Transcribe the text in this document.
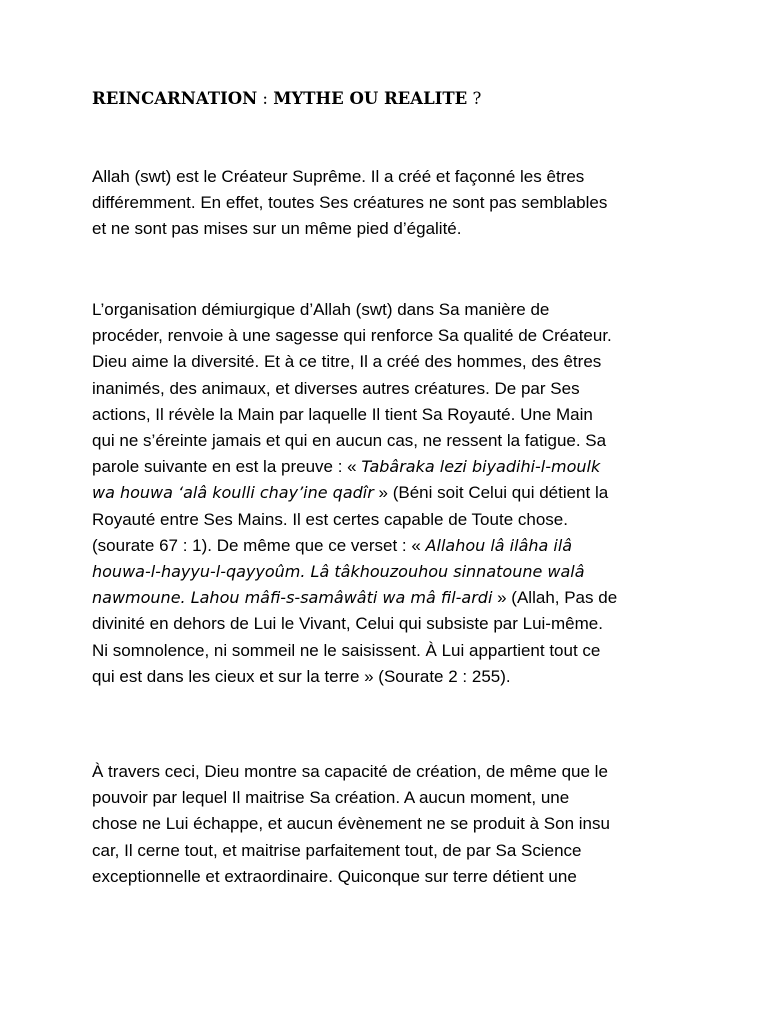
REINCARNATION : MYTHE OU REALITE ?

Allah (swt) est le Créateur Suprême. Il a créé et façonné les êtres
différemment. En effet, toutes Ses créatures ne sont pas semblables
et ne sont pas mises sur un même pied d’égalité.

L’organisation démiurgique d’Allah (swt) dans Sa manière de
procéder, renvoie à une sagesse qui renforce Sa qualité de Créateur.
Dieu aime la diversité. Et à ce titre, Il a créé des hommes, des êtres
inanimés, des animaux, et diverses autres créatures. De par Ses
actions, Il révèle la Main par laquelle Il tient Sa Royauté. Une Main
qui ne s’éreinte jamais et qui en aucun cas, ne ressent la fatigue. Sa
parole suivante en est la preuve : « Tabâraka lezi biyadihi-l-moulk
wa houwa ‘alâ koulli chay’ine qadîr » (Béni soit Celui qui détient la
Royauté entre Ses Mains. Il est certes capable de Toute chose.
(sourate 67 : 1). De même que ce verset : « Allahou lâ ilâha ilâ
houwa-l-hayyu-l-qayyoûm. Lâ tâkhouzouhou sinnatoune walâ
nawmoune. Lahou mâfi-s-samâwâti wa mâ fil-ardi » (Allah, Pas de
divinité en dehors de Lui le Vivant, Celui qui subsiste par Lui-même.
Ni somnolence, ni sommeil ne le saisissent. À Lui appartient tout ce
qui est dans les cieux et sur la terre » (Sourate 2 : 255).

À travers ceci, Dieu montre sa capacité de création, de même que le
pouvoir par lequel Il maitrise Sa création. A aucun moment, une
chose ne Lui échappe, et aucun évènement ne se produit à Son insu
car, Il cerne tout, et maitrise parfaitement tout, de par Sa Science
exceptionnelle et extraordinaire. Quiconque sur terre détient une
